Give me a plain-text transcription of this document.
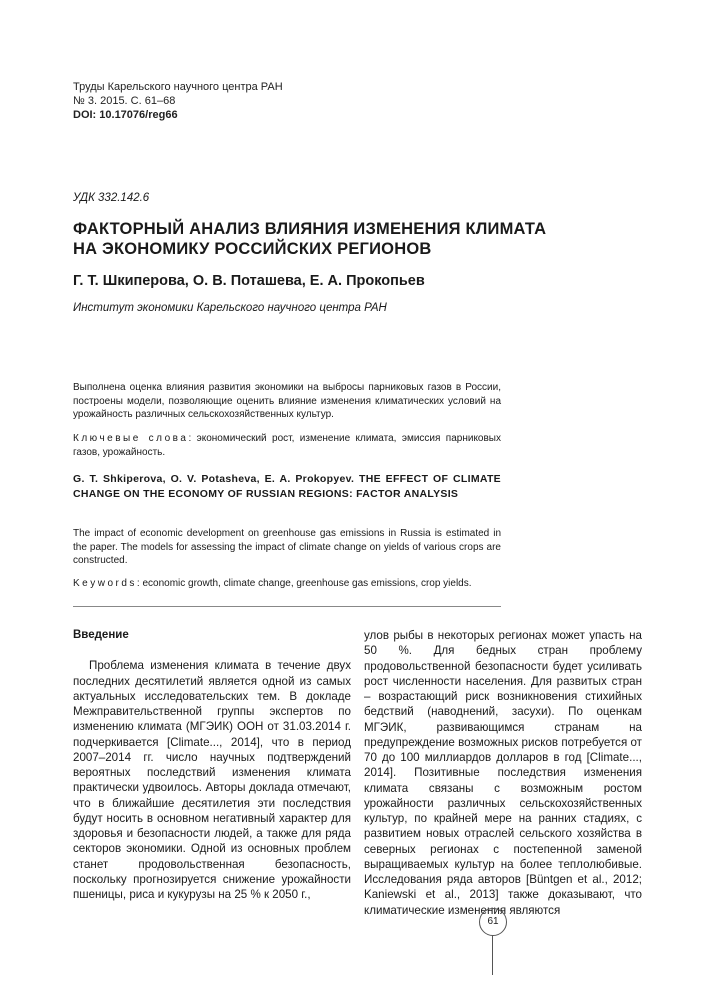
Труды Карельского научного центра РАН
№ 3. 2015. С. 61–68
DOI: 10.17076/reg66
УДК 332.142.6
ФАКТОРНЫЙ АНАЛИЗ ВЛИЯНИЯ ИЗМЕНЕНИЯ КЛИМАТА
НА ЭКОНОМИКУ РОССИЙСКИХ РЕГИОНОВ
Г. Т. Шкиперова, О. В. Поташева, Е. А. Прокопьев
Институт экономики Карельского научного центра РАН
Выполнена оценка влияния развития экономики на выбросы парниковых газов в России, построены модели, позволяющие оценить влияние изменения климатических условий на урожайность различных сельскохозяйственных культур.
Ключевые слова: экономический рост, изменение климата, эмиссия парниковых газов, урожайность.
G. T. Shkiperova, O. V. Potasheva, E. A. Prokopyev. THE EFFECT OF CLIMATE CHANGE ON THE ECONOMY OF RUSSIAN REGIONS: FACTOR ANALYSIS
The impact of economic development on greenhouse gas emissions in Russia is estimated in the paper. The models for assessing the impact of climate change on yields of various crops are constructed.
Keywords: economic growth, climate change, greenhouse gas emissions, crop yields.
Введение

Проблема изменения климата в течение двух последних десятилетий является одной из самых актуальных исследовательских тем. В докладе Межправительственной группы экспертов по изменению климата (МГЭИК) ООН от 31.03.2014 г. подчеркивается [Climate..., 2014], что в период 2007–2014 гг. число научных подтверждений вероятных последствий изменения климата практически удвоилось. Авторы доклада отмечают, что в ближайшие десятилетия эти последствия будут носить в основном негативный характер для здоровья и безопасности людей, а также для ряда секторов экономики. Одной из основных проблем станет продовольственная безопасность, поскольку прогнозируется снижение урожайности пшеницы, риса и кукурузы на 25 % к 2050 г.,

улов рыбы в некоторых регионах может упасть на 50 %. Для бедных стран проблему продовольственной безопасности будет усиливать рост численности населения. Для развитых стран – возрастающий риск возникновения стихийных бедствий (наводнений, засухи). По оценкам МГЭИК, развивающимся странам на предупреждение возможных рисков потребуется от 70 до 100 миллиардов долларов в год [Climate..., 2014]. Позитивные последствия изменения климата связаны с возможным ростом урожайности различных сельскохозяйственных культур, по крайней мере на ранних стадиях, с развитием новых отраслей сельского хозяйства в северных регионах с постепенной заменой выращиваемых культур на более теплолюбивые. Исследования ряда авторов [Büntgen et al., 2012; Kaniewski et al., 2013] также доказывают, что климатические изменения являются

61
